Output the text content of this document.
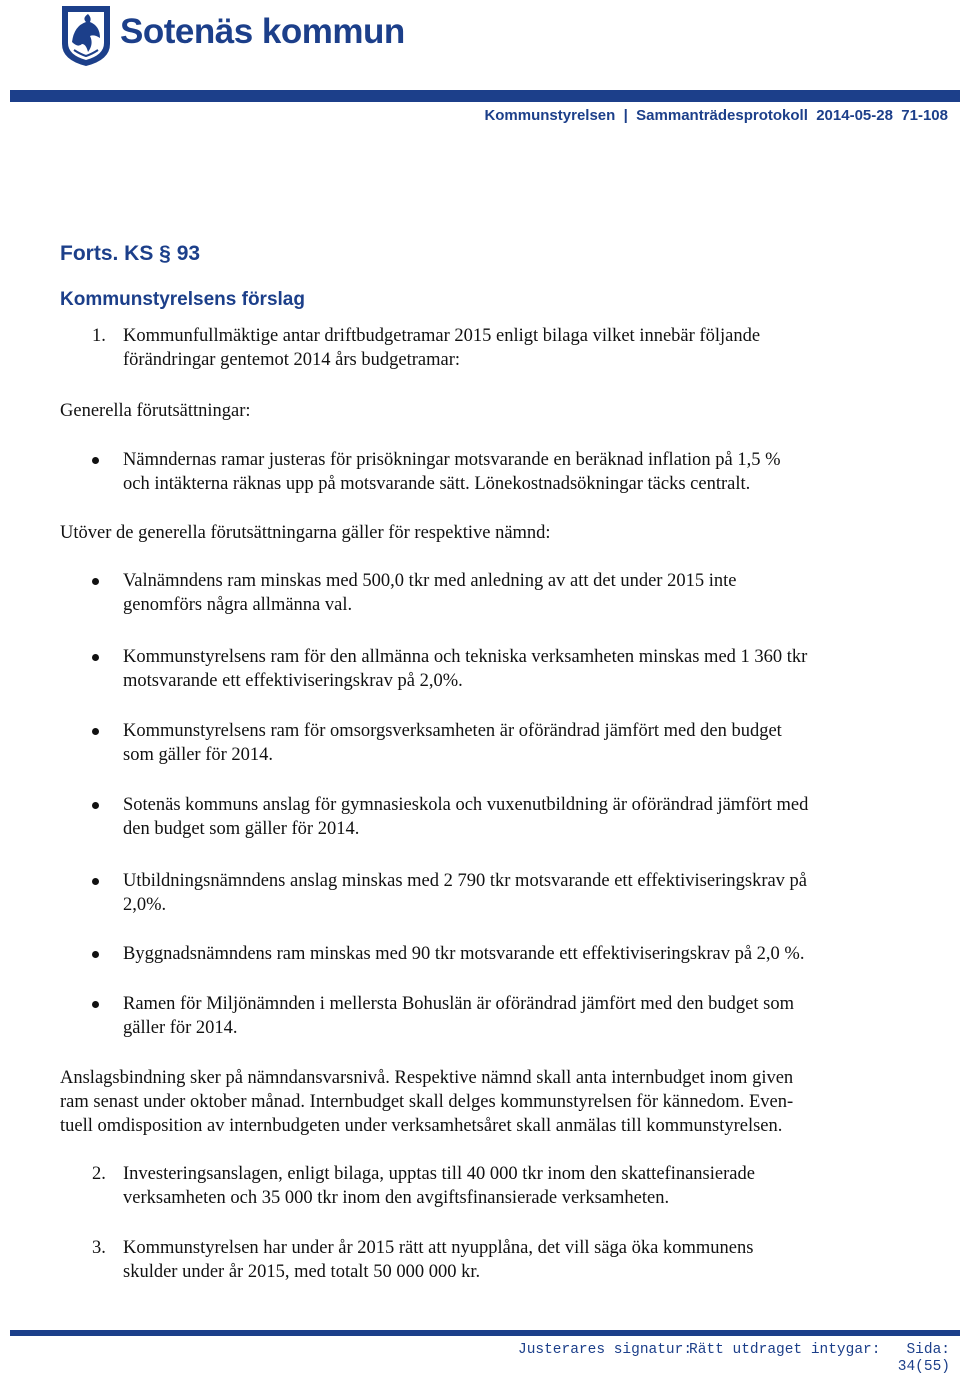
Sotenäs kommun
Kommunstyrelsen  |  Sammanträdesprotokoll  2014-05-28  71-108
Forts. KS § 93
Kommunstyrelsens förslag
1. Kommunfullmäktige antar driftbudgetramar 2015 enligt bilaga vilket innebär följande
förändringar gentemot 2014 års budgetramar:
Generella förutsättningar:
Nämndernas ramar justeras för prisökningar motsvarande en beräknad inflation på 1,5 %
och intäkterna räknas upp på motsvarande sätt. Lönekostnadsökningar täcks centralt.
Utöver de generella förutsättningarna gäller för respektive nämnd:
Valnämndens ram minskas med 500,0 tkr med anledning av att det under 2015 inte
genomförs några allmänna val.
Kommunstyrelsens ram för den allmänna och tekniska verksamheten minskas med 1 360 tkr
motsvarande ett effektiviseringskrav på 2,0%.
Kommunstyrelsens ram för omsorgsverksamheten är oförändrad jämfört med den budget
som gäller för 2014.
Sotenäs kommuns anslag för gymnasieskola och vuxenutbildning är oförändrad jämfört med
den budget som gäller för 2014.
Utbildningsnämndens anslag minskas med 2 790 tkr motsvarande ett effektiviseringskrav på
2,0%.
Byggnadsnämndens ram minskas med 90 tkr motsvarande ett effektiviseringskrav på 2,0 %.
Ramen för Miljönämnden i mellersta Bohuslän är oförändrad jämfört med den budget som
gäller för 2014.
Anslagsbindning sker på nämndansvarsnivå. Respektive nämnd skall anta internbudget inom given
ram senast under oktober månad. Internbudget skall delges kommunstyrelsen för kännedom. Even-
tuell omdisposition av internbudgeten under verksamhetsåret skall anmälas till kommunstyrelsen.
2. Investeringsanslagen, enligt bilaga, upptas till 40 000 tkr inom den skattefinansierade
verksamheten och 35 000 tkr inom den avgiftsfinansierade verksamheten.
3. Kommunstyrelsen har under år 2015 rätt att nyupplåna, det vill säga öka kommunens
skulder under år 2015, med totalt 50 000 000 kr.
Justerares signatur:
Rätt utdraget intygar: Sida:
34(55)
